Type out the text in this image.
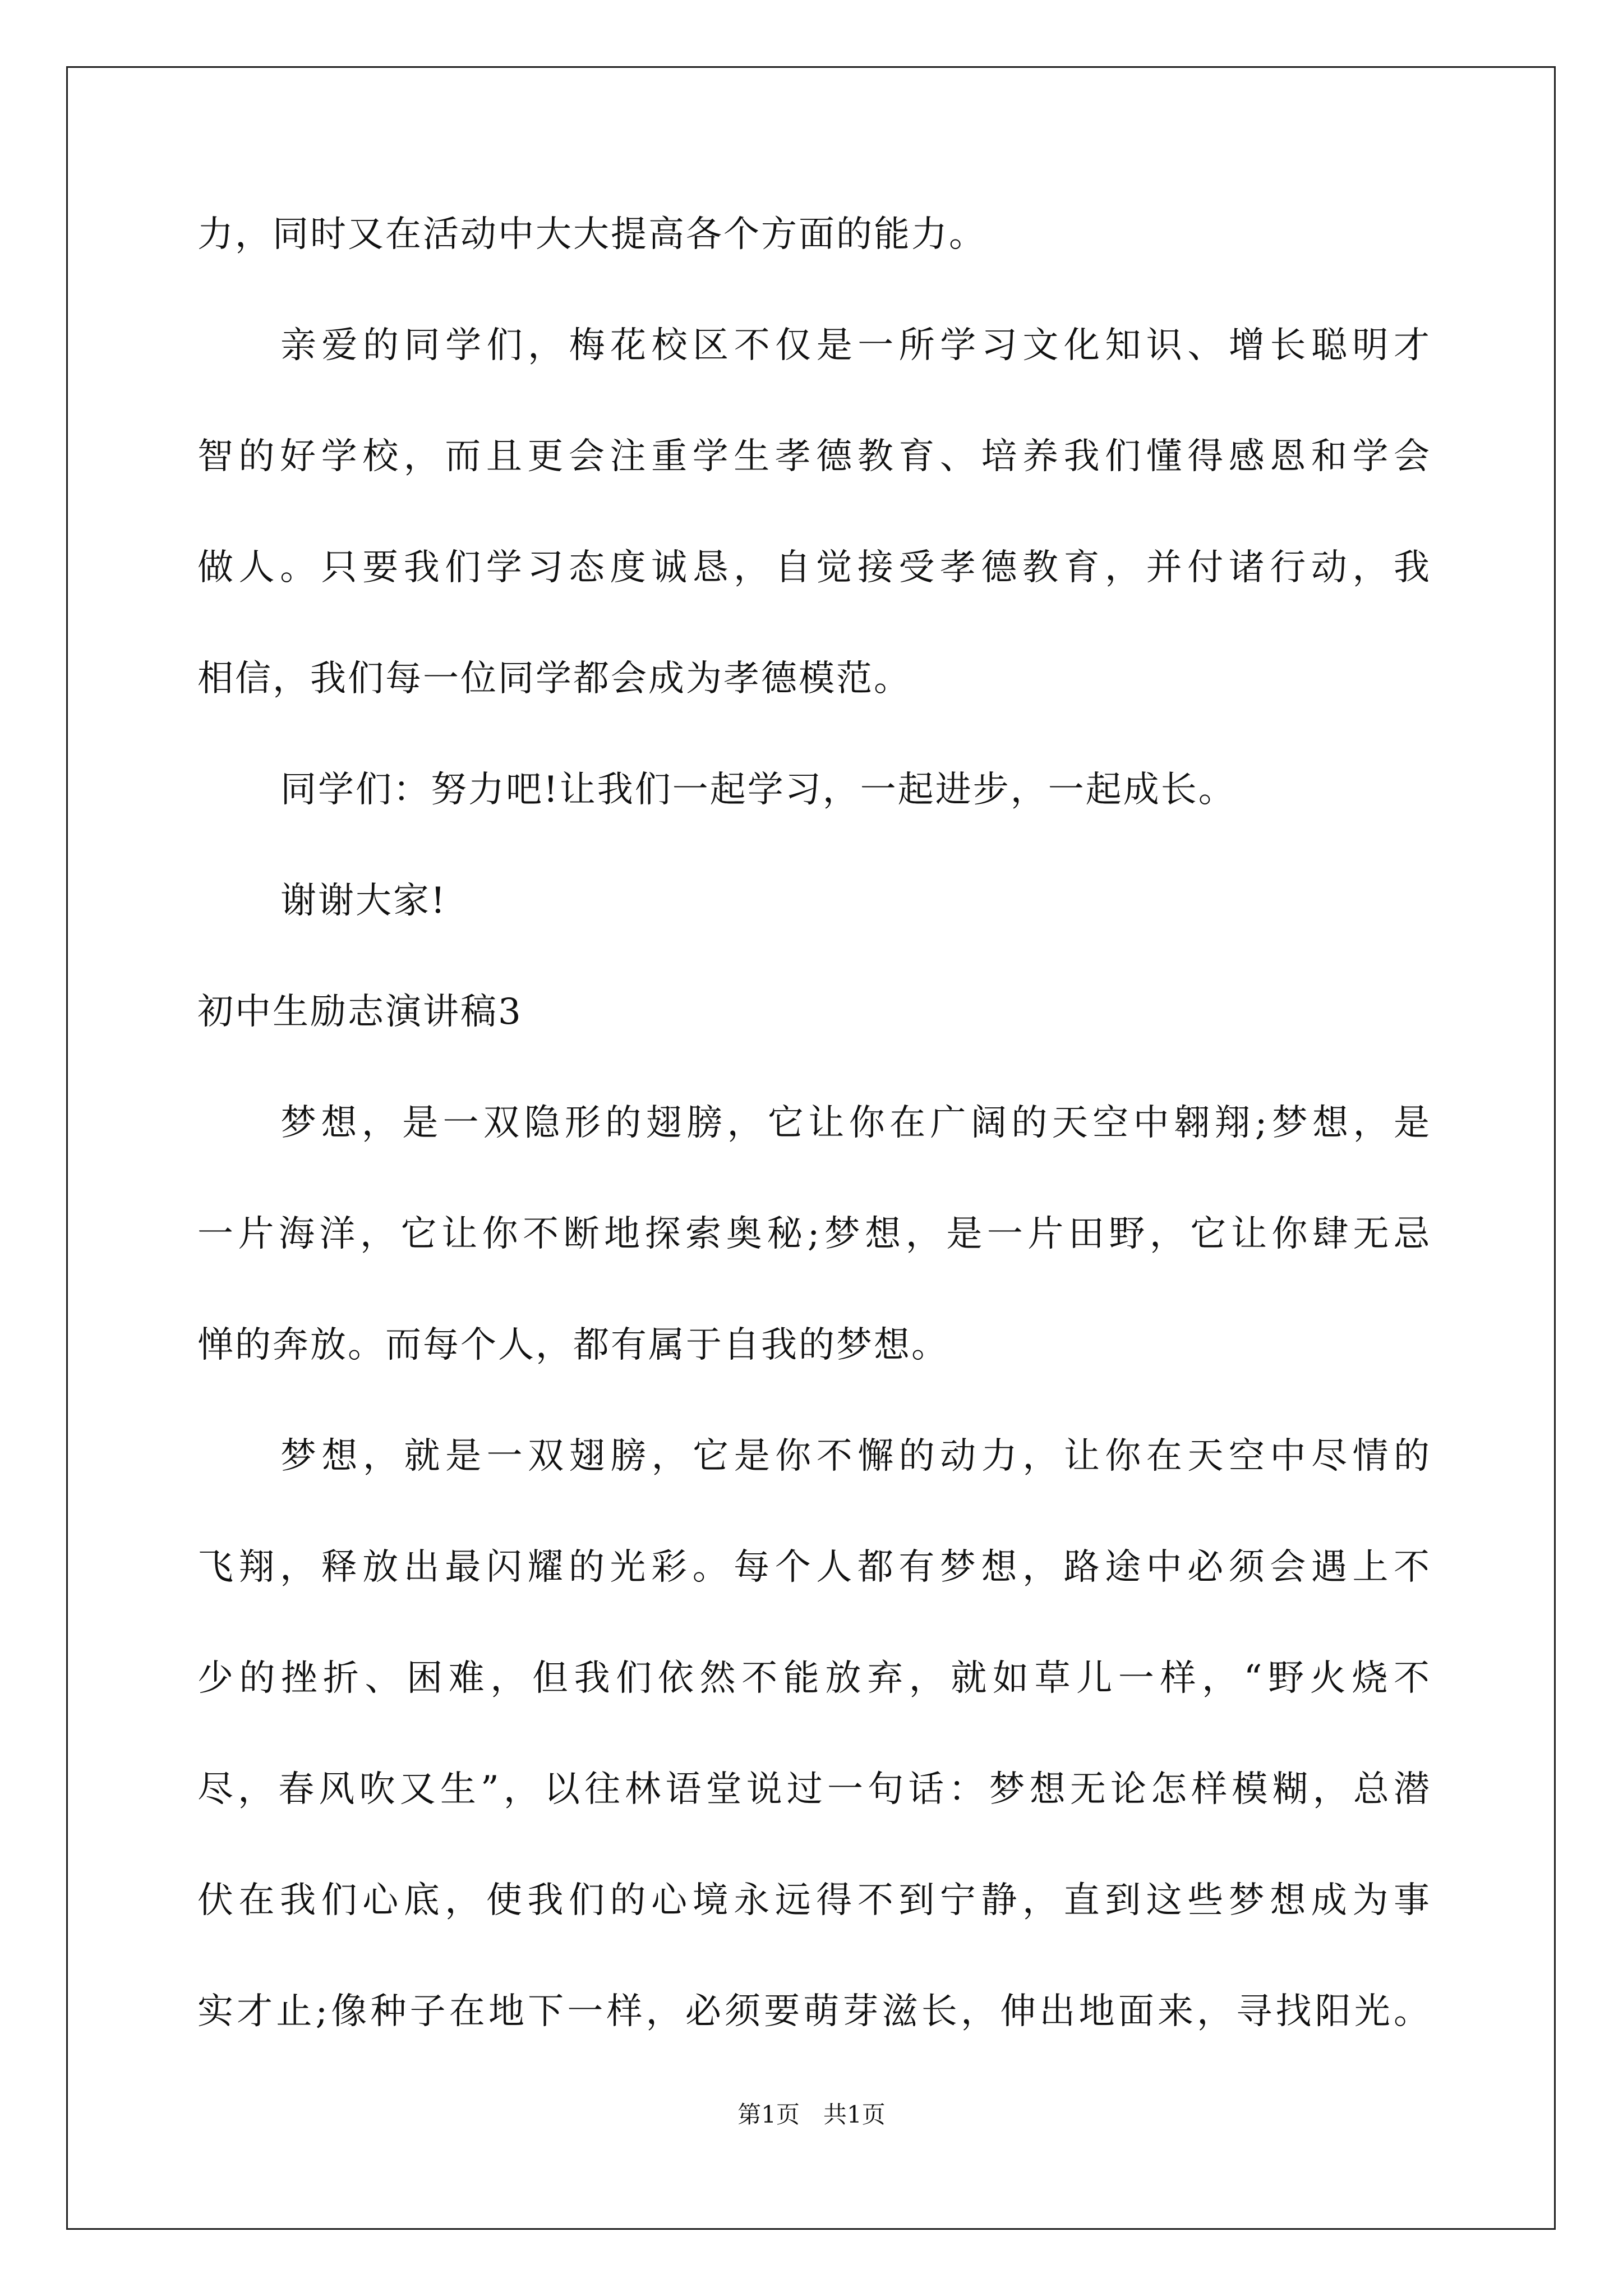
力，同时又在活动中大大提高各个方面的能力。
亲爱的同学们，梅花校区不仅是一所学习文化知识、增长聪明才
智的好学校，而且更会注重学生孝德教育、培养我们懂得感恩和学会
做人。只要我们学习态度诚恳，自觉接受孝德教育，并付诸行动，我
相信，我们每一位同学都会成为孝德模范。
同学们：努力吧!让我们一起学习，一起进步，一起成长。
谢谢大家!
初中生励志演讲稿3
梦想，是一双隐形的翅膀，它让你在广阔的天空中翱翔;梦想，是
一片海洋，它让你不断地探索奥秘;梦想，是一片田野，它让你肆无忌
惮的奔放。而每个人，都有属于自我的梦想。
梦想，就是一双翅膀，它是你不懈的动力，让你在天空中尽情的
飞翔，释放出最闪耀的光彩。每个人都有梦想，路途中必须会遇上不
少的挫折、困难，但我们依然不能放弃，就如草儿一样，“野火烧不
尽，春风吹又生”，以往林语堂说过一句话：梦想无论怎样模糊，总潜
伏在我们心底，使我们的心境永远得不到宁静，直到这些梦想成为事
实才止;像种子在地下一样，必须要萌芽滋长，伸出地面来，寻找阳光。
第1页　共1页
